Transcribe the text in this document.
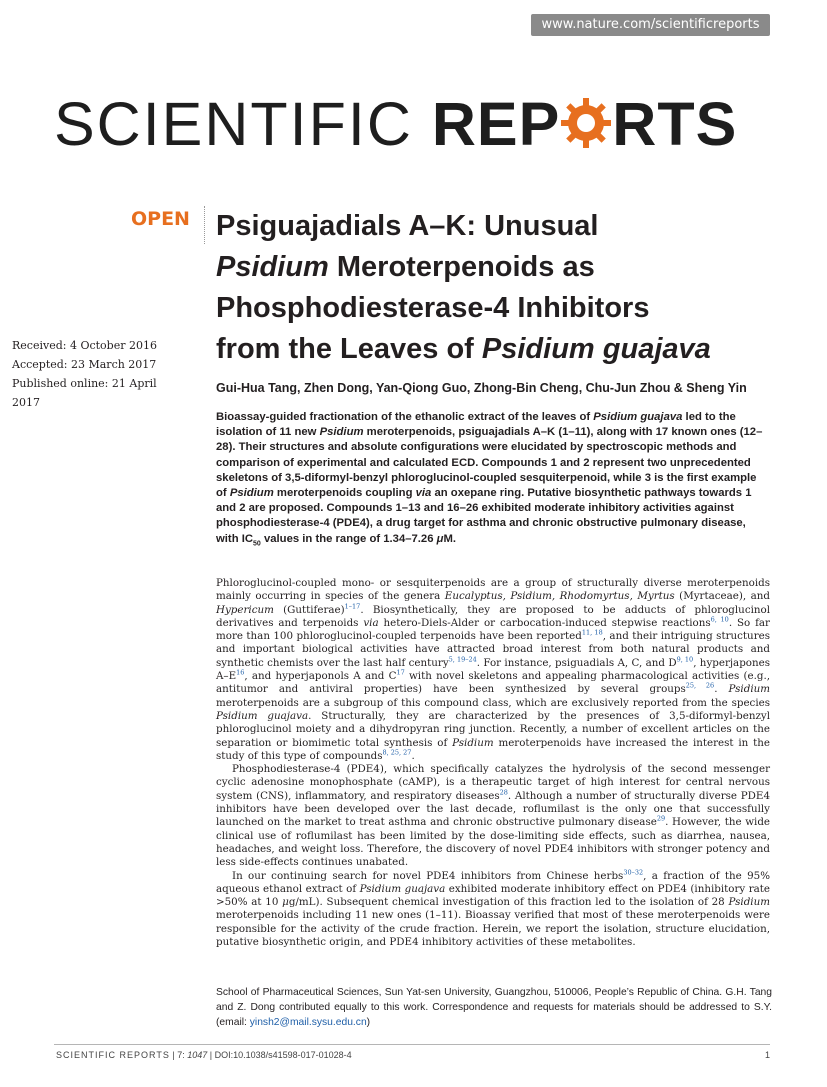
www.nature.com/scientificreports
SCIENTIFIC REP RTS
OPEN
Received: 4 October 2016
Accepted: 23 March 2017
Published online: 21 April 2017
Psiguajadials A–K: Unusual
Psidium Meroterpenoids as
Phosphodiesterase-4 Inhibitors
from the Leaves of Psidium guajava
Gui-Hua Tang, Zhen Dong, Yan-Qiong Guo, Zhong-Bin Cheng, Chu-Jun Zhou & Sheng Yin
Bioassay-guided fractionation of the ethanolic extract of the leaves of Psidium guajava led to the isolation of 11 new Psidium meroterpenoids, psiguajadials A–K (1–11), along with 17 known ones (12–28). Their structures and absolute configurations were elucidated by spectroscopic methods and comparison of experimental and calculated ECD. Compounds 1 and 2 represent two unprecedented skeletons of 3,5-diformyl-benzyl phloroglucinol-coupled sesquiterpenoid, while 3 is the first example of Psidium meroterpenoids coupling via an oxepane ring. Putative biosynthetic pathways towards 1 and 2 are proposed. Compounds 1–13 and 16–26 exhibited moderate inhibitory activities against phosphodiesterase-4 (PDE4), a drug target for asthma and chronic obstructive pulmonary disease, with $IC_{50}$ values in the range of 1.34–7.26 μM.

Phloroglucinol-coupled mono- or sesquiterpenoids are a group of structurally diverse meroterpenoids mainly occurring in species of the genera Eucalyptus, Psidium, Rhodomyrtus, Myrtus (Myrtaceae), and Hypericum (Guttiferae)$^{1-17}$. Biosynthetically, they are proposed to be adducts of phloroglucinol derivatives and terpenoids via hetero-Diels-Alder or carbocation-induced stepwise reactions$^{6, 10}$. So far more than 100 phloroglucinol-coupled terpenoids have been reported$^{11, 18}$, and their intriguing structures and important biological activities have attracted broad interest from both natural products and synthetic chemists over the last half century$^{5, 19-24}$. For instance, psiguadials A, C, and D$^{9, 10}$, hyperjapones $A-E^{16}$, and hyperjaponols A and $C^{17}$ with novel skeletons and appealing pharmacological activities (e.g., antitumor and antiviral properties) have been synthesized by several groups$^{25, 26}$. Psidium meroterpenoids are a subgroup of this compound class, which are exclusively reported from the species Psidium guajava. Structurally, they are characterized by the presences of 3,5-diformyl-benzyl phloroglucinol moiety and a dihydropyran ring junction. Recently, a number of excellent articles on the separation or biomimetic total synthesis of Psidium meroterpenoids have increased the interest in the study of this type of compounds$^{8, 25, 27}$.

Phosphodiesterase-4 (PDE4), which specifically catalyzes the hydrolysis of the second messenger cyclic adenosine monophosphate (cAMP), is a therapeutic target of high interest for central nervous system (CNS), inflammatory, and respiratory diseases$^{28}$. Although a number of structurally diverse PDE4 inhibitors have been developed over the last decade, roflumilast is the only one that successfully launched on the market to treat asthma and chronic obstructive pulmonary disease$^{29}$. However, the wide clinical use of roflumilast has been limited by the dose-limiting side effects, such as diarrhea, nausea, headaches, and weight loss. Therefore, the discovery of novel PDE4 inhibitors with stronger potency and less side-effects continues unabated.

In our continuing search for novel PDE4 inhibitors from Chinese herbs$^{30-32}$, a fraction of the 95% aqueous ethanol extract of Psidium guajava exhibited moderate inhibitory effect on PDE4 (inhibitory rate >50% at 10 μg/mL). Subsequent chemical investigation of this fraction led to the isolation of 28 Psidium meroterpenoids including 11 new ones (1–11). Bioassay verified that most of these meroterpenoids were responsible for the activity of the crude fraction. Herein, we report the isolation, structure elucidation, putative biosynthetic origin, and PDE4 inhibitory activities of these metabolites.

School of Pharmaceutical Sciences, Sun Yat-sen University, Guangzhou, 510006, People’s Republic of China. G.H. Tang and Z. Dong contributed equally to this work. Correspondence and requests for materials should be addressed to S.Y. (email: yinsh2@mail.sysu.edu.cn)
SCIENTIFIC REPORTS | 7: 1047 | DOI:10.1038/s41598-017-01028-4	1
